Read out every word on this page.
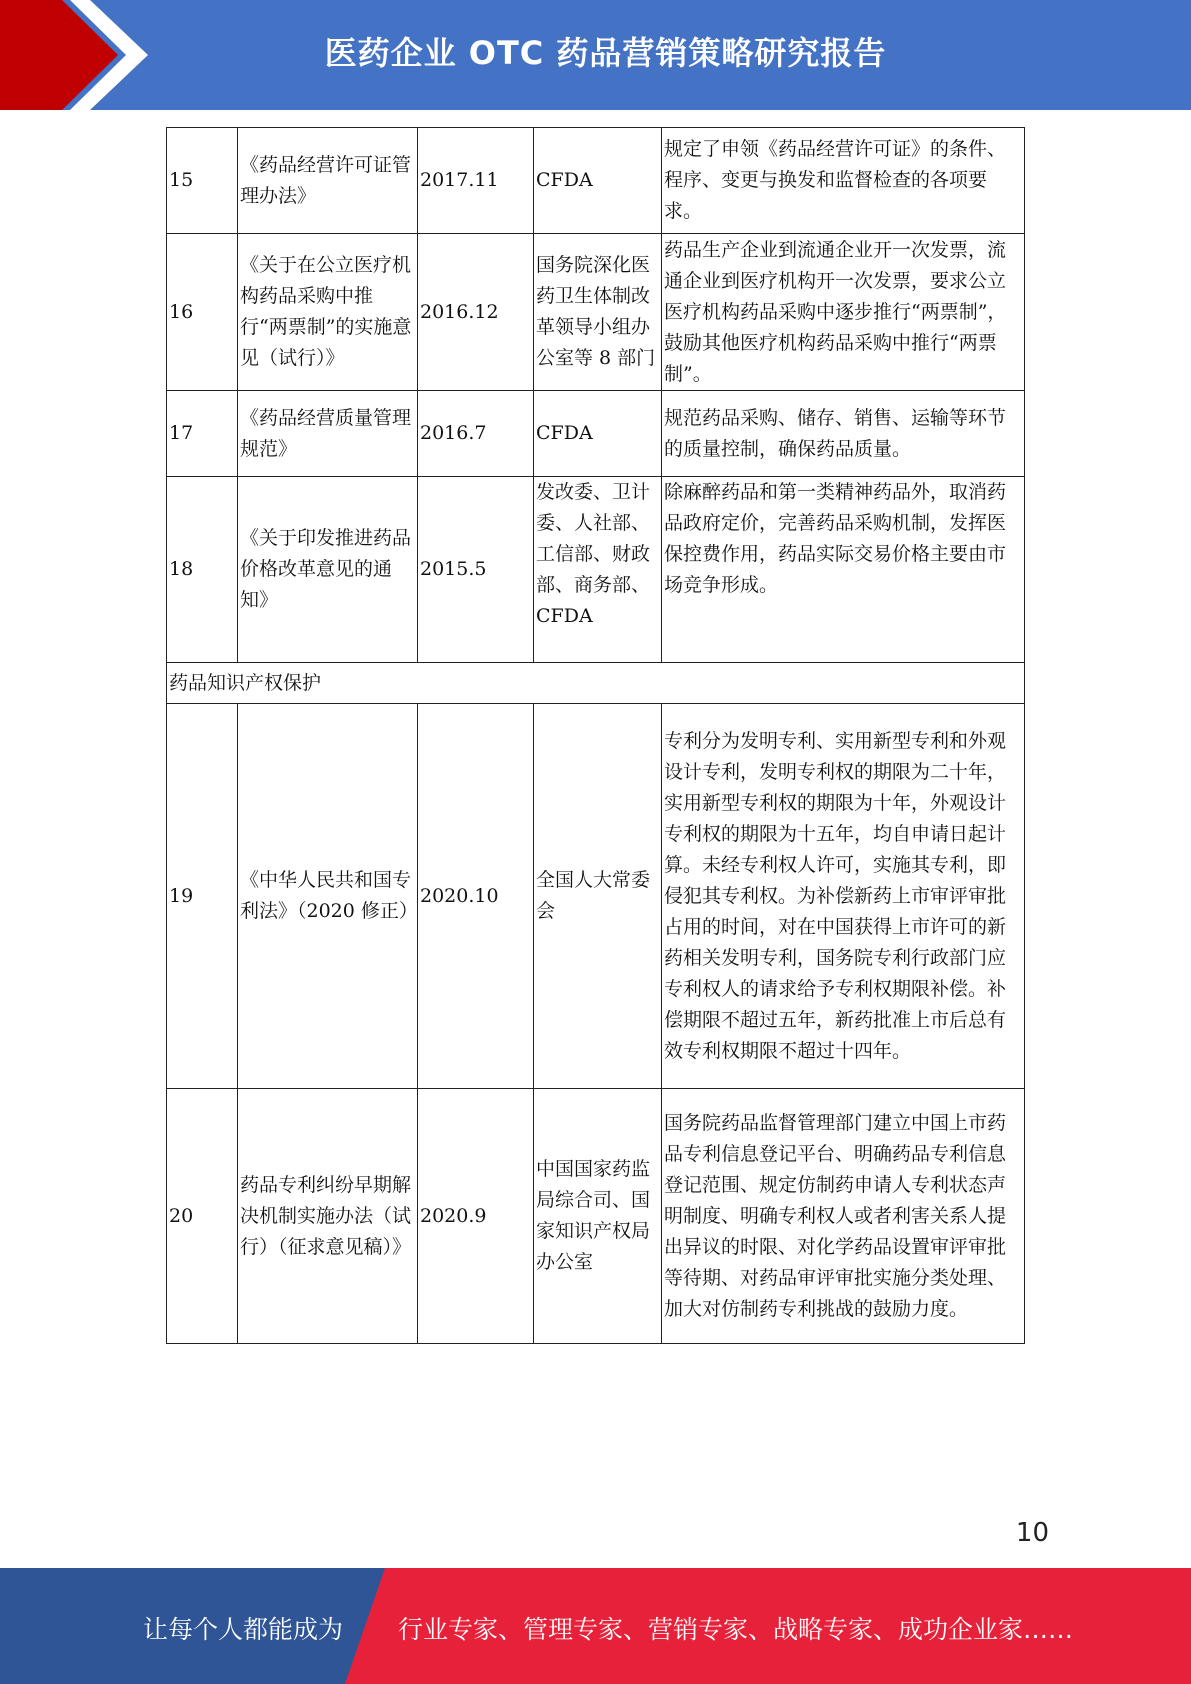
医药企业 OTC 药品营销策略研究报告
15	《药品经营许可证管理办法》	2017.11	CFDA	规定了申领《药品经营许可证》的条件、程序、变更与换发和监督检查的各项要求。
16	《关于在公立医疗机构药品采购中推行“两票制”的实施意见（试行）》	2016.12	国务院深化医药卫生体制改革领导小组办公室等 8 部门	药品生产企业到流通企业开一次发票，流通企业到医疗机构开一次发票，要求公立医疗机构药品采购中逐步推行“两票制”，鼓励其他医疗机构药品采购中推行“两票制”。
17	《药品经营质量管理规范》	2016.7	CFDA	规范药品采购、储存、销售、运输等环节的质量控制，确保药品质量。
18	《关于印发推进药品价格改革意见的通知》	2015.5	发改委、卫计委、人社部、工信部、财政部、商务部、CFDA	除麻醉药品和第一类精神药品外，取消药品政府定价，完善药品采购机制，发挥医保控费作用，药品实际交易价格主要由市场竞争形成。
药品知识产权保护				
19	《中华人民共和国专利法》（2020 修正）	2020.10	全国人大常委会	专利分为发明专利、实用新型专利和外观设计专利，发明专利权的期限为二十年，实用新型专利权的期限为十年，外观设计专利权的期限为十五年，均自申请日起计算。未经专利权人许可，实施其专利，即侵犯其专利权。为补偿新药上市审评审批占用的时间，对在中国获得上市许可的新药相关发明专利，国务院专利行政部门应专利权人的请求给予专利权期限补偿。补偿期限不超过五年，新药批准上市后总有效专利权期限不超过十四年。
20	药品专利纠纷早期解决机制实施办法（试行）（征求意见稿）》	2020.9	中国国家药监局综合司、国家知识产权局办公室	国务院药品监督管理部门建立中国上市药品专利信息登记平台、明确药品专利信息登记范围、规定仿制药申请人专利状态声明制度、明确专利权人或者利害关系人提出异议的时限、对化学药品设置审评审批等待期、对药品审评审批实施分类处理、加大对仿制药专利挑战的鼓励力度。
10
让每个人都能成为 行业专家、管理专家、营销专家、战略专家、成功企业家……
